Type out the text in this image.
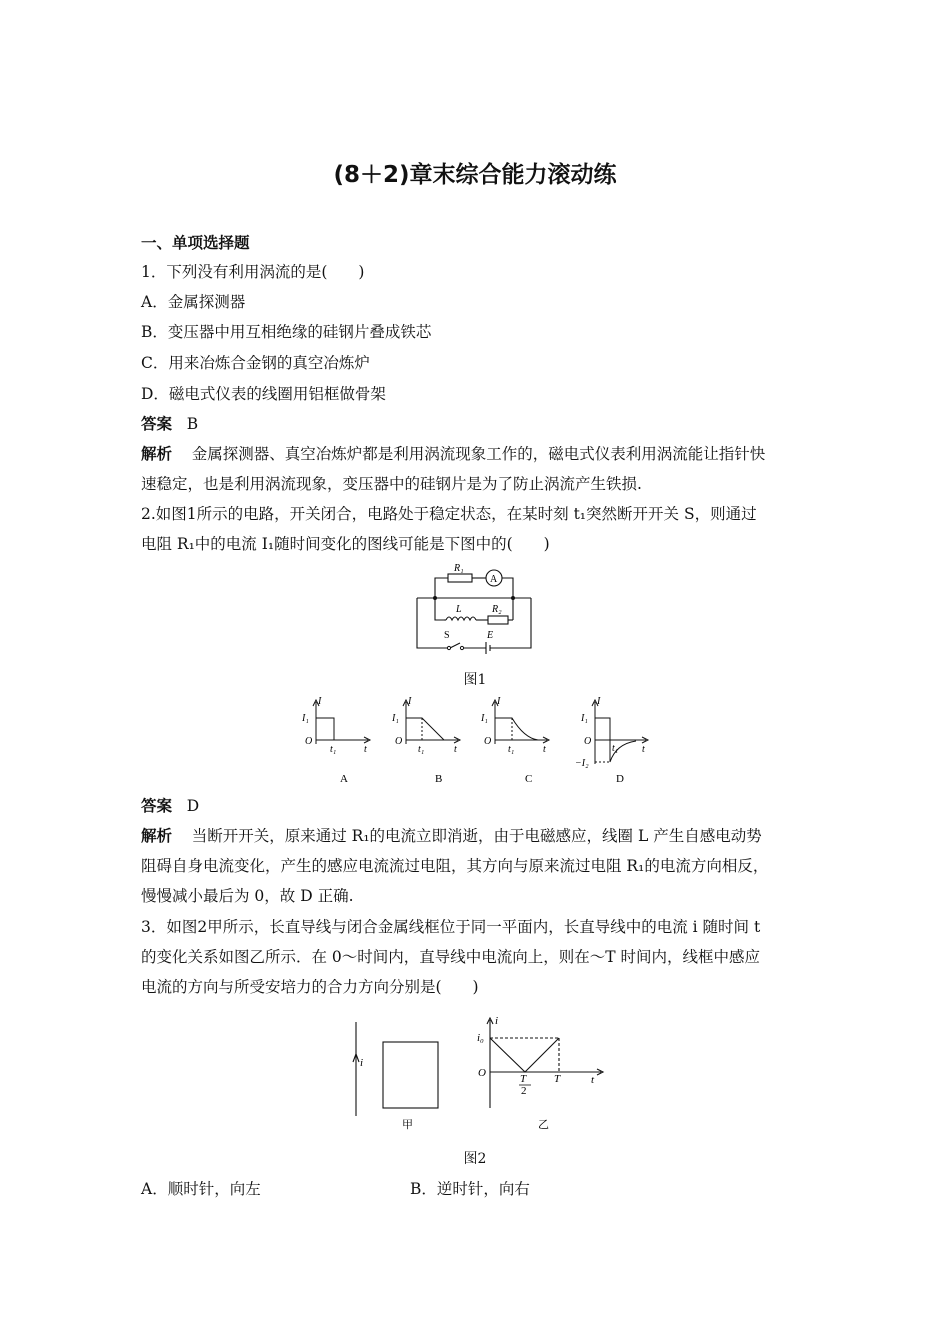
(8＋2)章末综合能力滚动练
一、单项选择题
1．下列没有利用涡流的是(　　)
A．金属探测器
B．变压器中用互相绝缘的硅钢片叠成铁芯
C．用来冶炼合金钢的真空冶炼炉
D．磁电式仪表的线圈用铝框做骨架
答案 B
解析 金属探测器、真空冶炼炉都是利用涡流现象工作的，磁电式仪表利用涡流能让指针快
速稳定，也是利用涡流现象，变压器中的硅钢片是为了防止涡流产生铁损.
2.如图1所示的电路，开关闭合，电路处于稳定状态，在某时刻 t₁突然断开开关 S，则通过
电阻 R₁中的电流 I₁随时间变化的图线可能是下图中的(　　)
R₁
A
L	R₂
S	E
图1
I
I₁
O
t₁	t
I
I₁
O
t₁	t
I
I₁
O
t₁	t
I
I₁
O
t₁ t
−I₂
A	B	C	D
答案 D
解析 当断开开关，原来通过 R₁的电流立即消逝，由于电磁感应，线圈 L 产生自感电动势
阻碍自身电流变化，产生的感应电流流过电阻，其方向与原来流过电阻 R₁的电流方向相反，
慢慢减小最后为 0，故 D 正确.
3．如图2甲所示，长直导线与闭合金属线框位于同一平面内，长直导线中的电流 i 随时间 t
的变化关系如图乙所示．在 0～时间内，直导线中电流向上，则在～T 时间内，线框中感应
电流的方向与所受安培力的合力方向分别是(　　)
i
甲
i
i₀
O	T
2
T	t
乙
图2
A．顺时针，向左	B．逆时针，向右
